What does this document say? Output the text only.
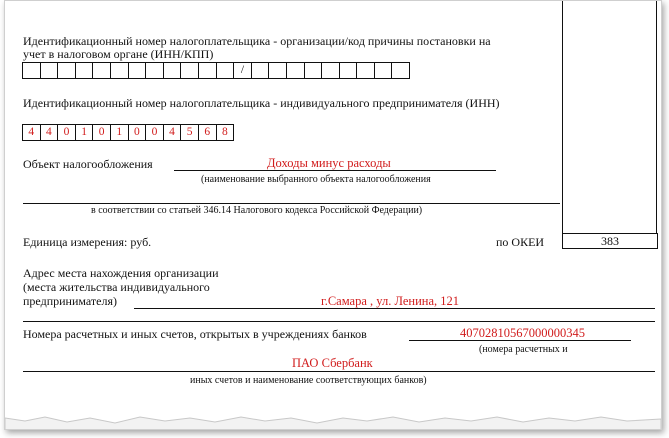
Идентификационный номер налогоплательщика - организации/код причины постановки на
учет в налоговом органе (ИНН/КПП)
/
Идентификационный номер налогоплательщика - индивидуального предпринимателя (ИНН)
4	4	0	1	0	1	0	0	4	5	6	8
Объект налогообложения	Доходы минус расходы
(наименование выбранного объекта налогообложения
в соответствии со статьей 346.14 Налогового кодекса Российской Федерации)
Единица измерения: руб.	по ОКЕИ	383
Адрес места нахождения организации
(места жительства индивидуального
предпринимателя)	г.Самара , ул. Ленина, 121
Номера расчетных и иных счетов, открытых в учреждениях банков	40702810567000000345
(номера расчетных и
ПАО Сбербанк
иных счетов и наименование соответствующих банков)
